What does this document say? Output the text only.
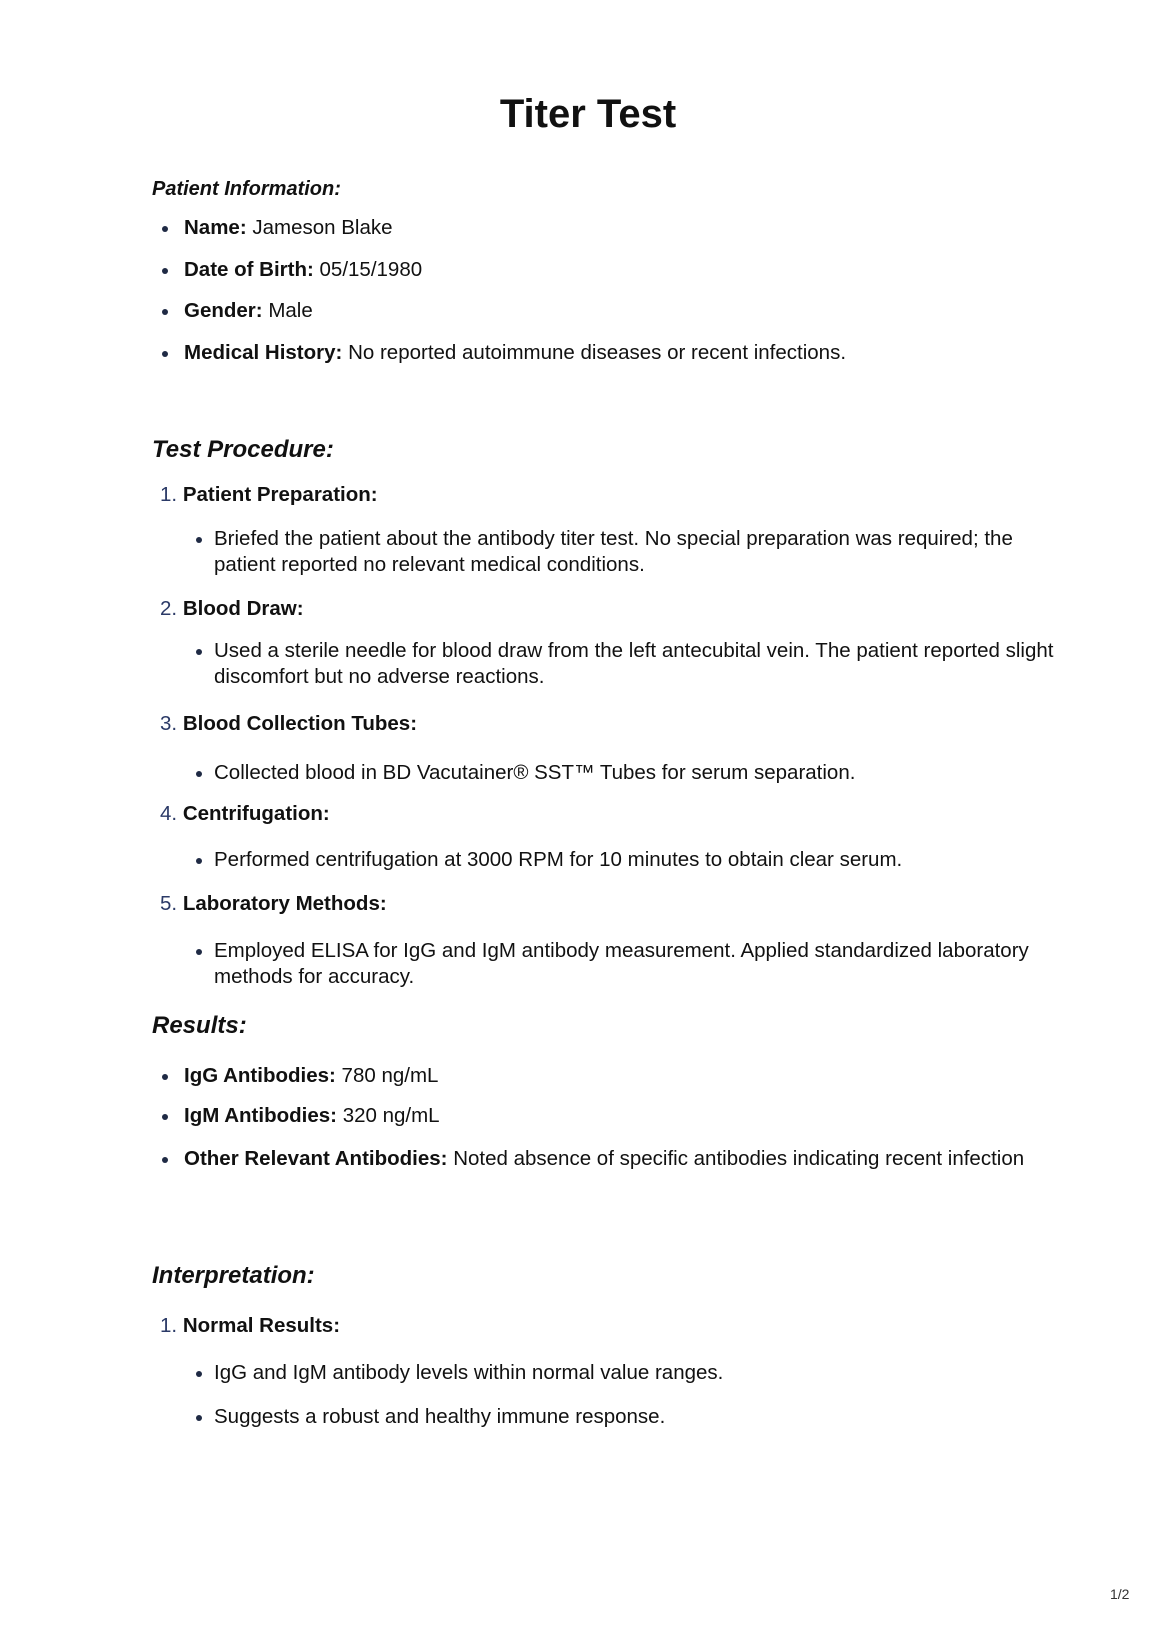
Titer Test
Patient Information:
Name: Jameson Blake
Date of Birth: 05/15/1980
Gender: Male
Medical History: No reported autoimmune diseases or recent infections.
Test Procedure:

1. Patient Preparation:

Briefed the patient about the antibody titer test. No special preparation was required; the patient reported no relevant medical conditions.

2. Blood Draw:

Used a sterile needle for blood draw from the left antecubital vein. The patient reported slight discomfort but no adverse reactions.

3. Blood Collection Tubes:

Collected blood in BD Vacutainer® SST™ Tubes for serum separation.

4. Centrifugation:

Performed centrifugation at 3000 RPM for 10 minutes to obtain clear serum.

5. Laboratory Methods:

Employed ELISA for IgG and IgM antibody measurement. Applied standardized laboratory methods for accuracy.

Results:
IgG Antibodies: 780 ng/mL
IgM Antibodies: 320 ng/mL
Other Relevant Antibodies: Noted absence of specific antibodies indicating recent infection
Interpretation:

1. Normal Results:

IgG and IgM antibody levels within normal value ranges.

Suggests a robust and healthy immune response.

1/2
